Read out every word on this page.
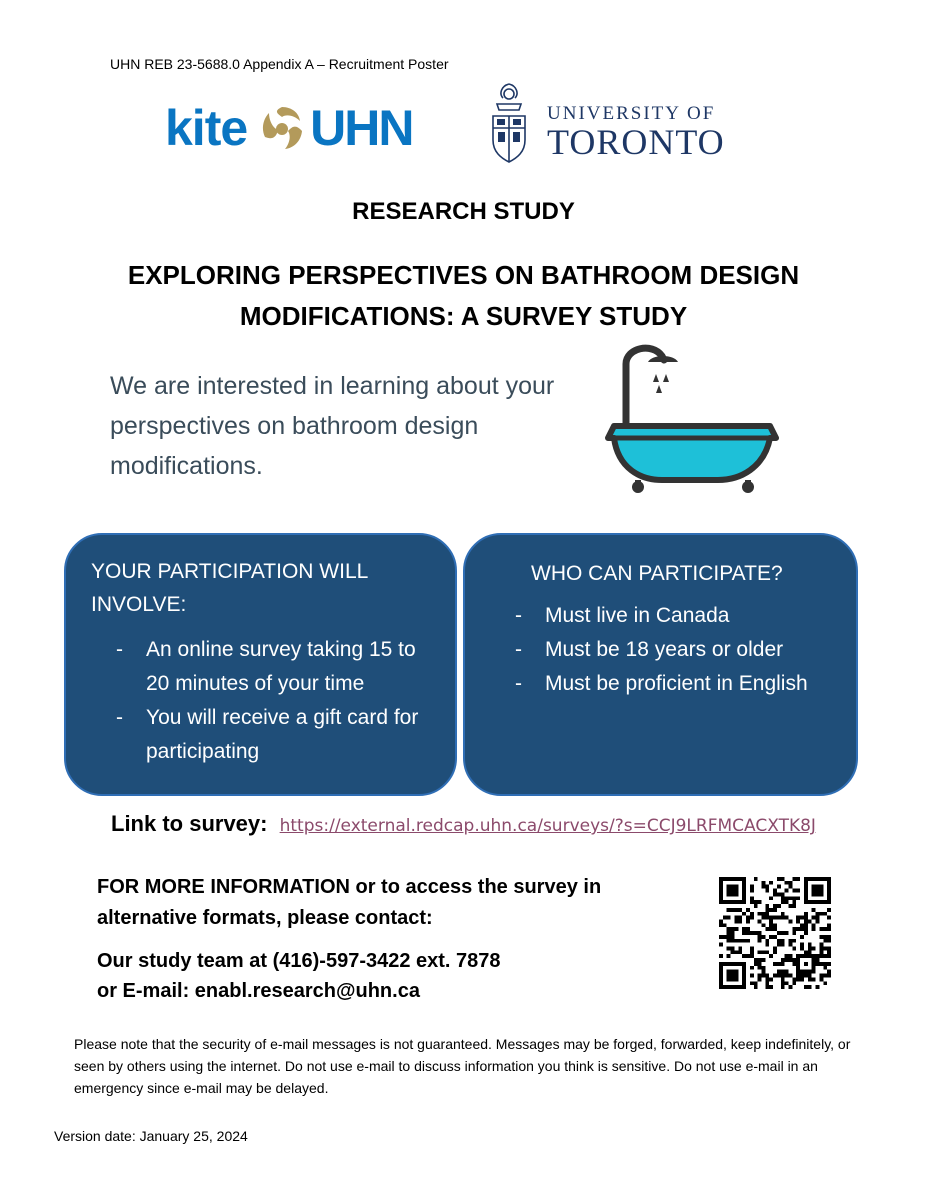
UHN REB 23-5688.0 Appendix A – Recruitment Poster
kite UHN	UNIVERSITY OF
TORONTO
RESEARCH STUDY
EXPLORING PERSPECTIVES ON BATHROOM DESIGN
MODIFICATIONS: A SURVEY STUDY
We are interested in learning about your perspectives on bathroom design modifications.
YOUR PARTICIPATION WILL INVOLVE:
- An online survey taking 15 to 20 minutes of your time
- You will receive a gift card for participating
WHO CAN PARTICIPATE?
- Must live in Canada
- Must be 18 years or older
- Must be proficient in English
Link to survey: https://external.redcap.uhn.ca/surveys/?s=CCJ9LRFMCACXTK8J
FOR MORE INFORMATION or to access the survey in alternative formats, please contact:
Our study team at (416)-597-3422 ext. 7878
or E-mail: enabl.research@uhn.ca
Please note that the security of e-mail messages is not guaranteed. Messages may be forged, forwarded, keep indefinitely, or seen by others using the internet. Do not use e-mail to discuss information you think is sensitive. Do not use e-mail in an emergency since e-mail may be delayed.
Version date: January 25, 2024
